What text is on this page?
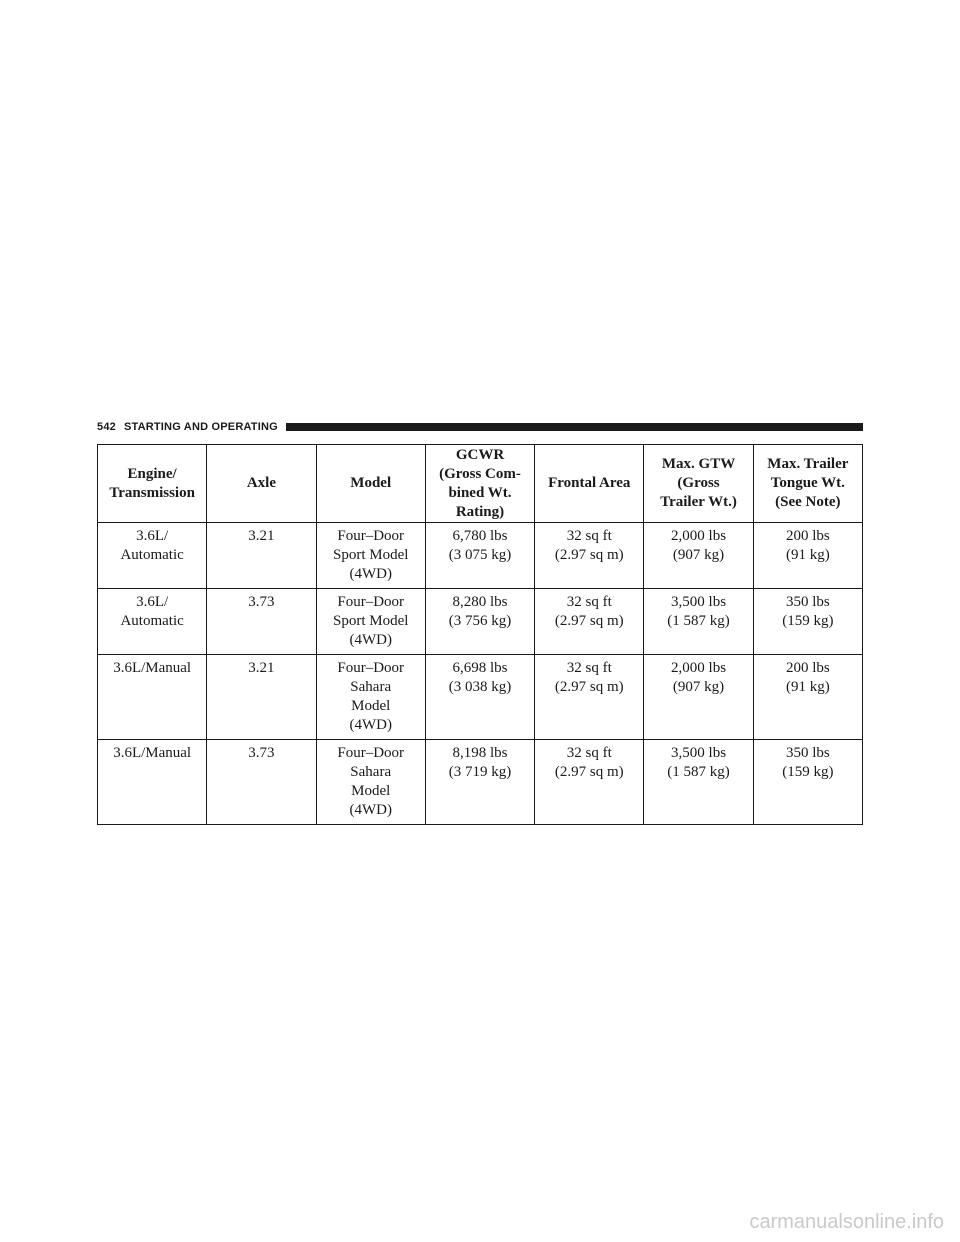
542 STARTING AND OPERATING
Engine/
Transmission	Axle	Model	GCWR
(Gross Com-
bined Wt.
Rating)	Frontal Area	Max. GTW
(Gross
Trailer Wt.)	Max. Trailer
Tongue Wt.
(See Note)

3.6L/
Automatic	3.21	Four–Door
Sport Model
(4WD)	6,780 lbs
(3 075 kg)	32 sq ft
(2.97 sq m)	2,000 lbs
(907 kg)	200 lbs
(91 kg)

3.6L/
Automatic	3.73	Four–Door
Sport Model
(4WD)	8,280 lbs
(3 756 kg)	32 sq ft
(2.97 sq m)	3,500 lbs
(1 587 kg)	350 lbs
(159 kg)

3.6L/Manual	3.21	Four–Door
Sahara
Model
(4WD)	6,698 lbs
(3 038 kg)	32 sq ft
(2.97 sq m)	2,000 lbs
(907 kg)	200 lbs
(91 kg)

3.6L/Manual	3.73	Four–Door
Sahara
Model
(4WD)	8,198 lbs
(3 719 kg)	32 sq ft
(2.97 sq m)	3,500 lbs
(1 587 kg)	350 lbs
(159 kg)
carmanualsonline.info
